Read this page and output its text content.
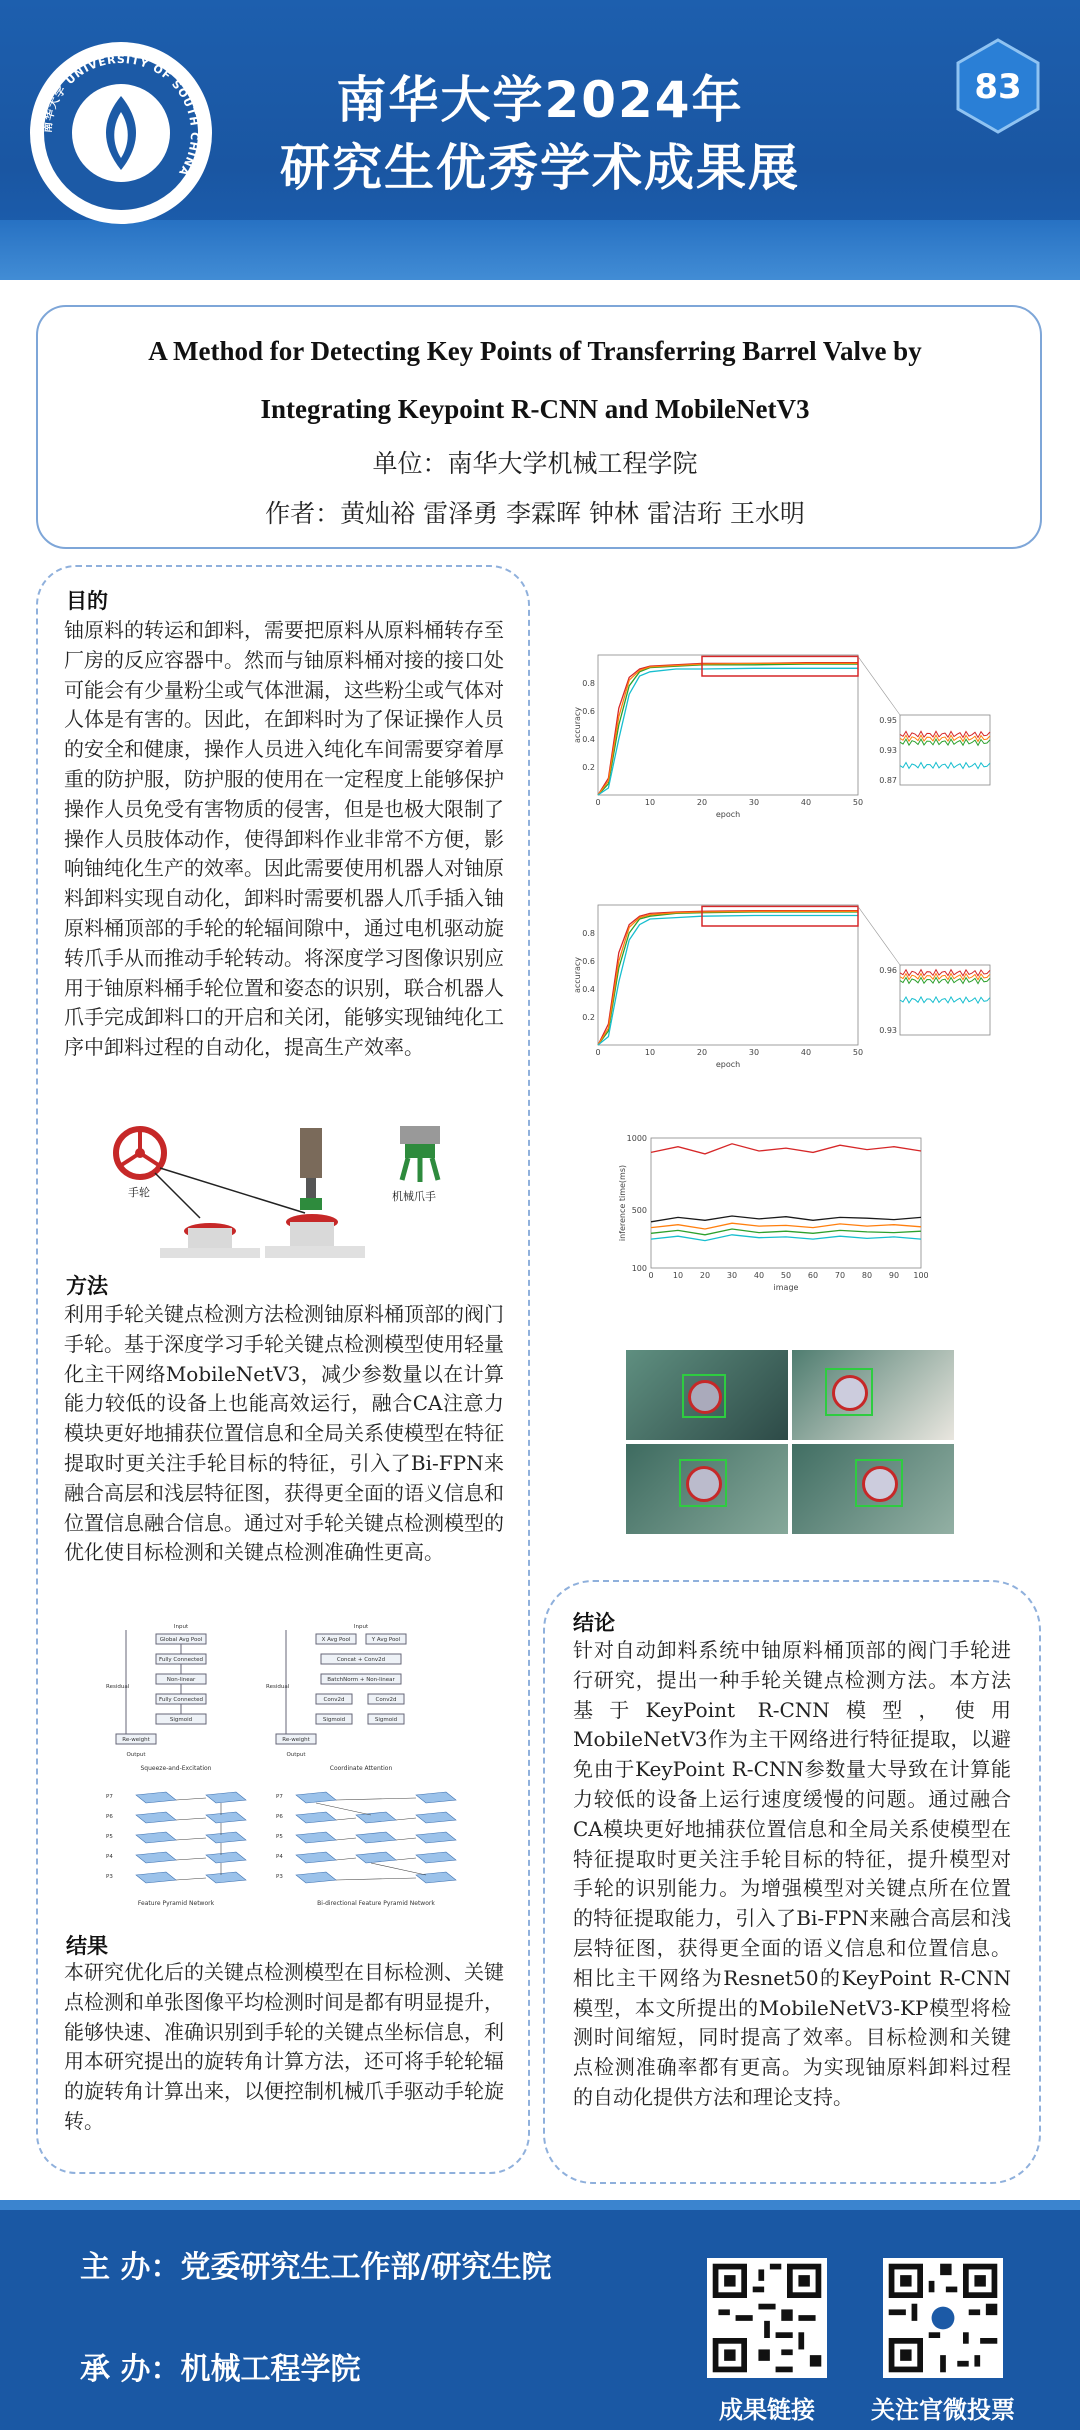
南华大学 UNIVERSITY OF SOUTH CHINA
南华大学2024年
研究生优秀学术成果展
83
A Method for Detecting Key Points of Transferring Barrel Valve by
Integrating Keypoint R-CNN and MobileNetV3
单位：南华大学机械工程学院
作者：黄灿裕 雷泽勇 李霖晖 钟林 雷洁珩 王水明
目的
铀原料的转运和卸料，需要把原料从原料桶转存至厂房的反应容器中。然而与铀原料桶对接的接口处可能会有少量粉尘或气体泄漏，这些粉尘或气体对人体是有害的。因此，在卸料时为了保证操作人员的安全和健康，操作人员进入纯化车间需要穿着厚重的防护服，防护服的使用在一定程度上能够保护操作人员免受有害物质的侵害，但是也极大限制了操作人员肢体动作，使得卸料作业非常不方便，影响铀纯化生产的效率。因此需要使用机器人对铀原料卸料实现自动化，卸料时需要机器人爪手插入铀原料桶顶部的手轮的轮辐间隙中，通过电机驱动旋转爪手从而推动手轮转动。将深度学习图像识别应用于铀原料桶手轮位置和姿态的识别，联合机器人爪手完成卸料口的开启和关闭，能够实现铀纯化工序中卸料过程的自动化，提高生产效率。
手轮	机械爪手
方法
利用手轮关键点检测方法检测铀原料桶顶部的阀门手轮。基于深度学习手轮关键点检测模型使用轻量化主干网络MobileNetV3，减少参数量以在计算能力较低的设备上也能高效运行，融合CA注意力模块更好地捕获位置信息和全局关系使模型在特征提取时更关注手轮目标的特征，引入了Bi-FPN来融合高层和浅层特征图，获得更全面的语义信息和位置信息融合信息。通过对手轮关键点检测模型的优化使目标检测和关键点检测准确性更高。
Input
Global Avg Pool
Fully Connected
Non-linear
Fully Connected
Sigmoid
Re-weight
Residual
Output
Squeeze-and-Excitation
Input
X Avg Pool	Y Avg Pool
Concat + Conv2d
BatchNorm + Non-linear
Conv2d	Conv2d
Sigmoid	Sigmoid
Re-weight
Residual
Output
Coordinate Attention
P7
P6
P5
P4
P3
Feature Pyramid Network
P7
P6
P5
P4
P3
Bi-directional Feature Pyramid Network
结果
本研究优化后的关键点检测模型在目标检测、关键点检测和单张图像平均检测时间是都有明显提升，能够快速、准确识别到手轮的关键点坐标信息，利用本研究提出的旋转角计算方法，还可将手轮轮辐的旋转角计算出来，以便控制机械爪手驱动手轮旋转。
0	10	20	30	40	50
0.2
0.4
0.6
0.8
epoch
accuracy	0.95
0.93
0.87
0	10	20	30	40	50
0.2
0.4
0.6
0.8
epoch
accuracy	0.96
0.93
0 10 20 30 40 50 60 70 80 90 100
1000
500
100
image
inference time(ms)
结论
针对自动卸料系统中铀原料桶顶部的阀门手轮进行研究，提出一种手轮关键点检测方法。本方法基于KeyPoint R-CNN模型，使用MobileNetV3作为主干网络进行特征提取，以避免由于KeyPoint R-CNN参数量大导致在计算能力较低的设备上运行速度缓慢的问题。通过融合CA模块更好地捕获位置信息和全局关系使模型在特征提取时更关注手轮目标的特征，提升模型对手轮的识别能力。为增强模型对关键点所在位置的特征提取能力，引入了Bi-FPN来融合高层和浅层特征图，获得更全面的语义信息和位置信息。相比主干网络为Resnet50的KeyPoint R-CNN模型，本文所提出的MobileNetV3-KP模型将检测时间缩短，同时提高了效率。目标检测和关键点检测准确率都有更高。为实现铀原料卸料过程的自动化提供方法和理论支持。
主 办：党委研究生工作部/研究生院
承 办：机械工程学院
成果链接	关注官微投票
